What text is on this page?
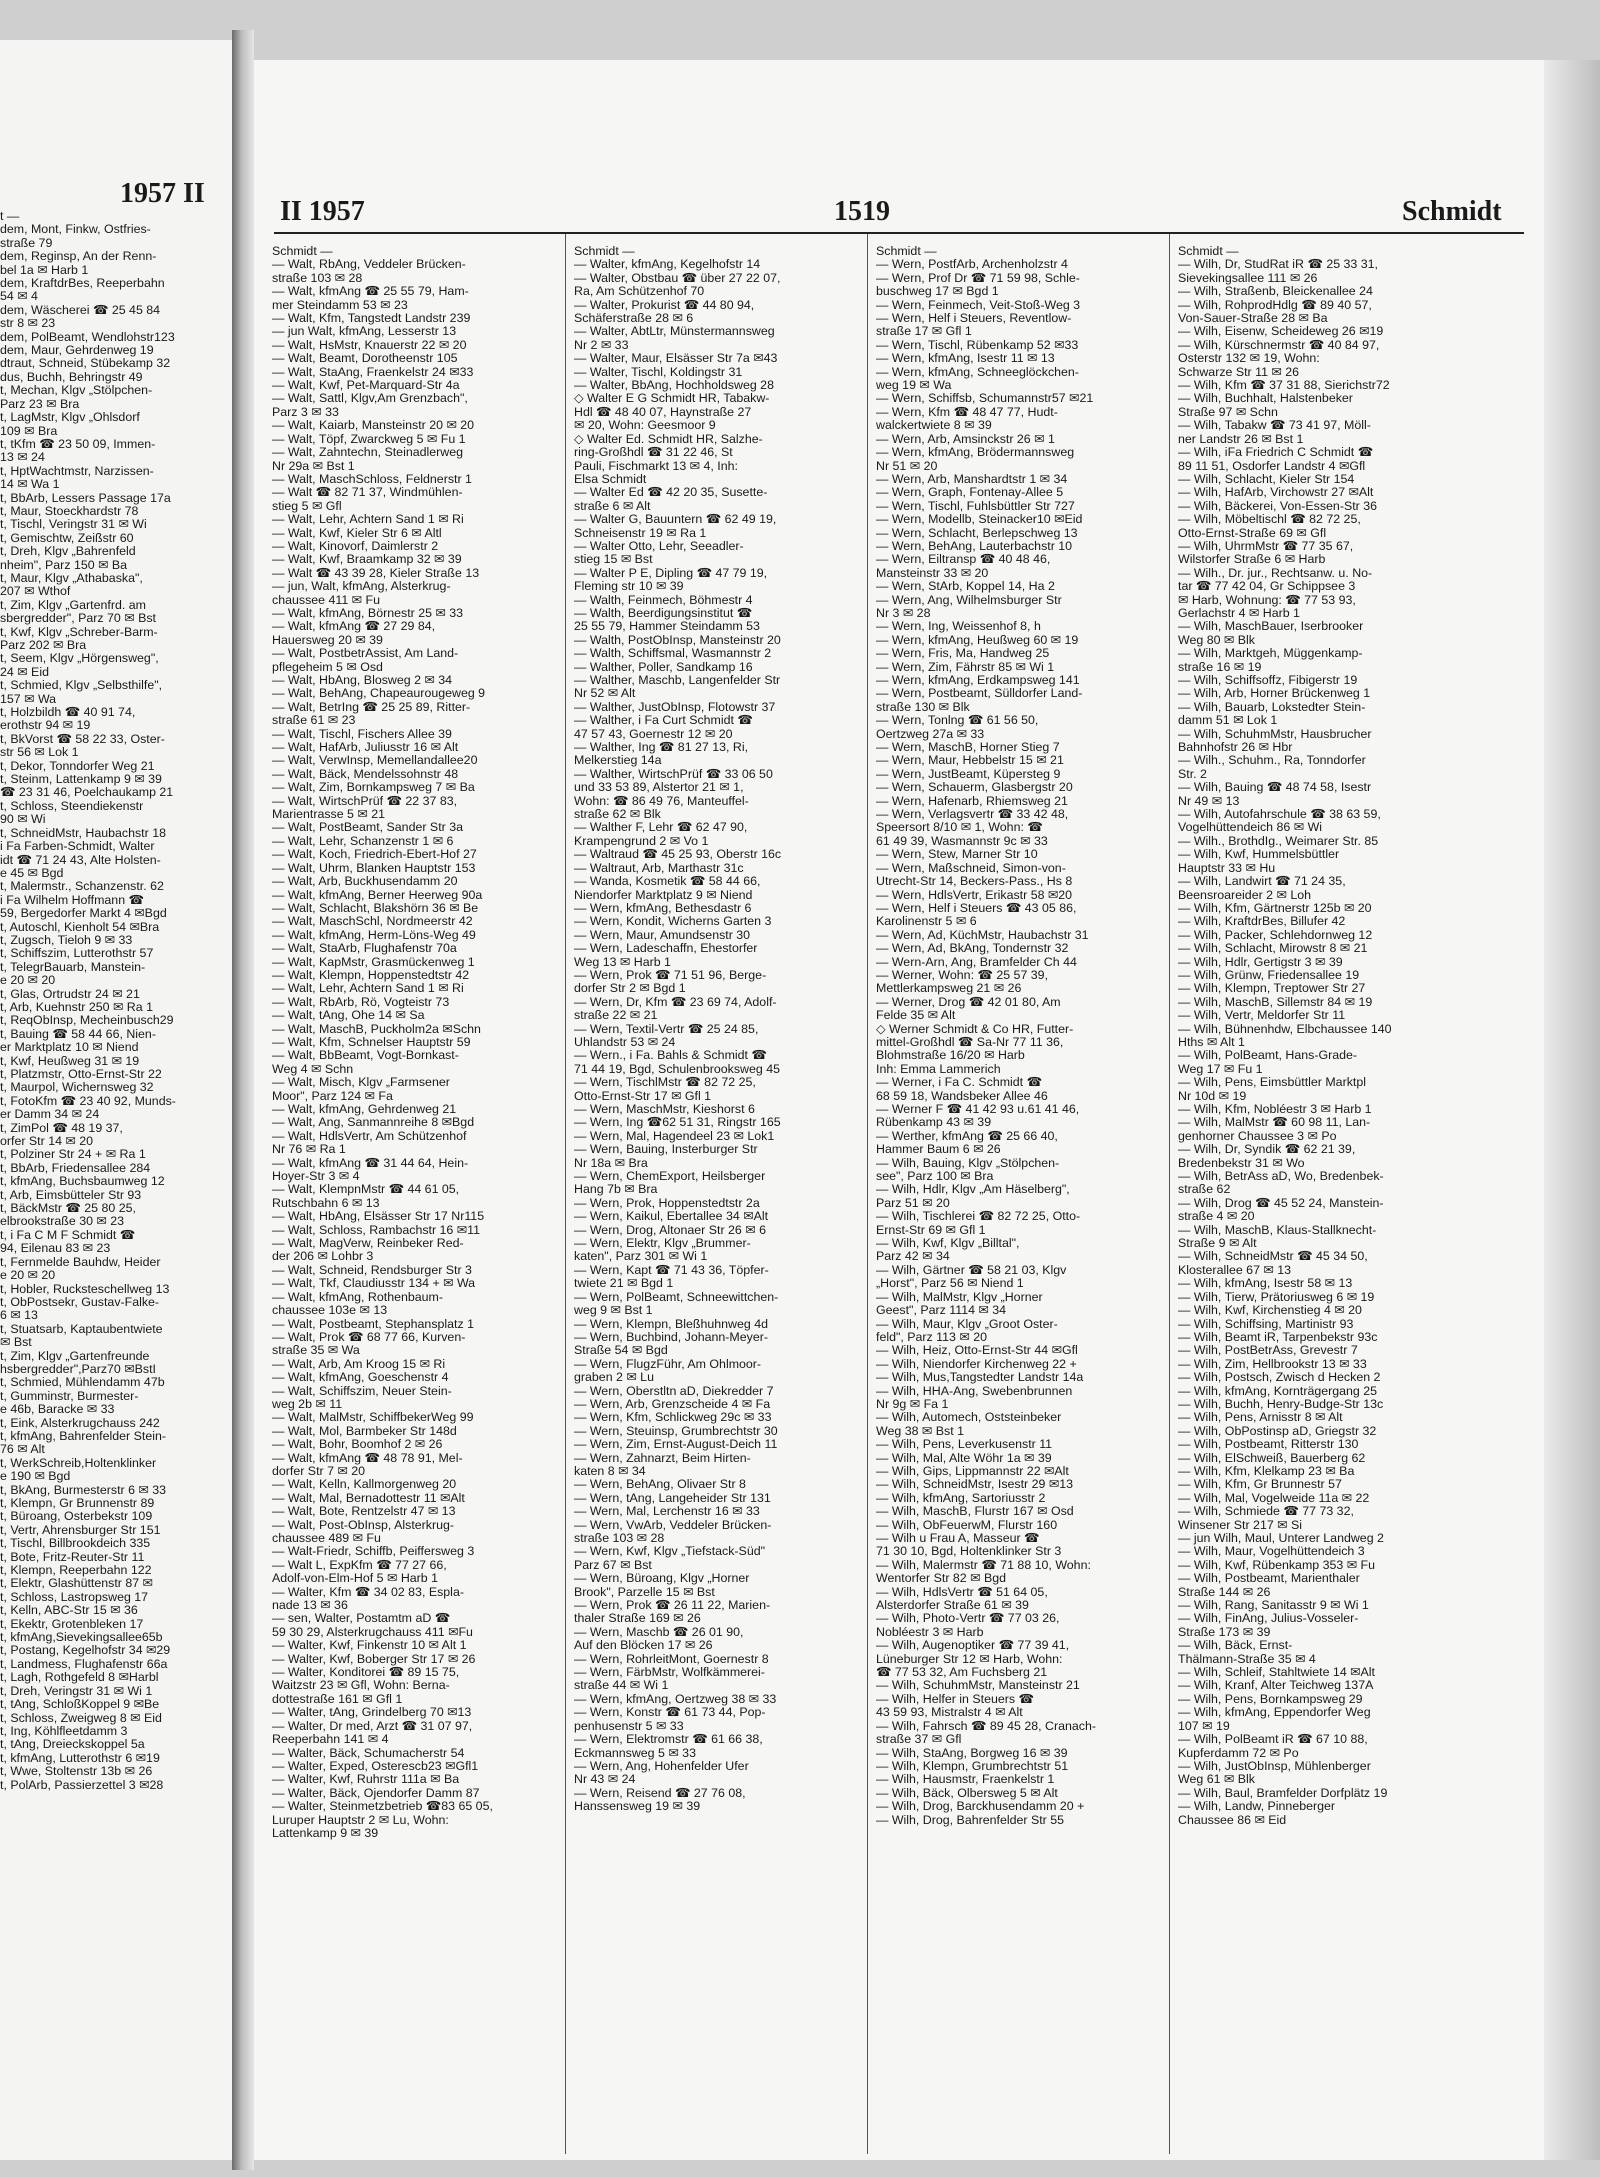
1957 II
t —
dem, Mont, Finkw, Ostfries-
straße 79
dem, Reginsp, An der Renn-
bel 1a ✉ Harb 1
dem, KraftdrBes, Reeperbahn
54 ✉ 4
dem, Wäscherei ☎ 25 45 84
str 8 ✉ 23
dem, PolBeamt, Wendlohstr123
dem, Maur, Gehrdenweg 19
dtraut, Schneid, Stübekamp 32
dus, Buchh, Behringstr 49
t, Mechan, Klgv „Stölpchen-
Parz 23 ✉ Bra
t, LagMstr, Klgv „Ohlsdorf
109 ✉ Bra
t, tKfm ☎ 23 50 09, Immen-
13 ✉ 24
t, HptWachtmstr, Narzissen-
14 ✉ Wa 1
t, BbArb, Lessers Passage 17a
t, Maur, Stoeckhardstr 78
t, Tischl, Veringstr 31 ✉ Wi
t, Gemischtw, Zeißstr 60
t, Dreh, Klgv „Bahrenfeld
nheim", Parz 150 ✉ Ba
t, Maur, Klgv „Athabaska",
207 ✉ Wthof
t, Zim, Klgv „Gartenfrd. am
sbergredder", Parz 70 ✉ Bst
t, Kwf, Klgv „Schreber-Barm-
Parz 202 ✉ Bra
t, Seem, Klgv „Hörgensweg",
24 ✉ Eid
t, Schmied, Klgv „Selbsthilfe",
157 ✉ Wa
t, Holzbildh ☎ 40 91 74,
erothstr 94 ✉ 19
t, BkVorst ☎ 58 22 33, Oster-
str 56 ✉ Lok 1
t, Dekor, Tonndorfer Weg 21
t, Steinm, Lattenkamp 9 ✉ 39
☎ 23 31 46, Poelchaukamp 21
t, Schloss, Steendiekenstr
90 ✉ Wi
t, SchneidMstr, Haubachstr 18
i Fa Farben-Schmidt, Walter
idt ☎ 71 24 43, Alte Holsten-
e 45 ✉ Bgd
t, Malermstr., Schanzenstr. 62
i Fa Wilhelm Hoffmann ☎
59, Bergedorfer Markt 4 ✉Bgd
t, Autoschl, Kienholt 54 ✉Bra
t, Zugsch, Tieloh 9 ✉ 33
t, Schiffszim, Lutterothstr 57
t, TelegrBauarb, Manstein-
e 20 ✉ 20
t, Glas, Ortrudstr 24 ✉ 21
t, Arb, Kuehnstr 250 ✉ Ra 1
t, ReqObInsp, Mecheinbusch29
t, Bauing ☎ 58 44 66, Nien-
er Marktplatz 10 ✉ Niend
t, Kwf, Heußweg 31 ✉ 19
t, Platzmstr, Otto-Ernst-Str 22
t, Maurpol, Wichernsweg 32
t, FotoKfm ☎ 23 40 92, Munds-
er Damm 34 ✉ 24
t, ZimPol ☎ 48 19 37,
orfer Str 14 ✉ 20
t, Polziner Str 24 + ✉ Ra 1
t, BbArb, Friedensallee 284
t, kfmAng, Buchsbaumweg 12
t, Arb, Eimsbütteler Str 93
t, BäckMstr ☎ 25 80 25,
elbrookstraße 30 ✉ 23
t, i Fa C M F Schmidt ☎
94, Eilenau 83 ✉ 23
t, Fernmelde Bauhdw, Heider
e 20 ✉ 20
t, Hobler, Rucksteschellweg 13
t, ObPostsekr, Gustav-Falke-
6 ✉ 13
t, Stuatsarb, Kaptaubentwiete
✉ Bst
t, Zim, Klgv „Gartenfreunde
hsbergredder",Parz70 ✉BstI
t, Schmied, Mühlendamm 47b
t, Gumminstr, Burmester-
e 46b, Baracke ✉ 33
t, Eink, Alsterkrugchauss 242
t, kfmAng, Bahrenfelder Stein-
76 ✉ Alt
t, WerkSchreib,Holtenklinker
e 190 ✉ Bgd
t, BkAng, Burmesterstr 6 ✉ 33
t, Klempn, Gr Brunnenstr 89
t, Büroang, Osterbekstr 109
t, Vertr, Ahrensburger Str 151
t, Tischl, Billbrookdeich 335
t, Bote, Fritz-Reuter-Str 11
t, Klempn, Reeperbahn 122
t, Elektr, Glashüttenstr 87 ✉
t, Schloss, Lastropsweg 17
t, Kelln, ABC-Str 15 ✉ 36
t, Ekektr, Grotenbleken 17
t, kfmAng,Sievekingsallee65b
t, Postang, Kegelhofstr 34 ✉29
t, Landmess, Flughafenstr 66a
t, Lagh, Rothgefeld 8 ✉Harbl
t, Dreh, Veringstr 31 ✉ Wi 1
t, tAng, SchloßKoppel 9 ✉Be
t, Schloss, Zweigweg 8 ✉ Eid
t, Ing, Köhlfleetdamm 3
t, tAng, Dreieckskoppel 5a
t, kfmAng, Lutterothstr 6 ✉19
t, Wwe, Stoltenstr 13b ✉ 26
t, PolArb, Passierzettel 3 ✉28
II 1957	1519	Schmidt
Schmidt —
— Walt, RbAng, Veddeler Brücken-
straße 103 ✉ 28
— Walt, kfmAng ☎ 25 55 79, Ham-
mer Steindamm 53 ✉ 23
— Walt, Kfm, Tangstedt Landstr 239
— jun Walt, kfmAng, Lesserstr 13
— Walt, HsMstr, Knauerstr 22 ✉ 20
— Walt, Beamt, Dorotheenstr 105
— Walt, StaAng, Fraenkelstr 24 ✉33
— Walt, Kwf, Pet-Marquard-Str 4a
— Walt, Sattl, Klgv,Am Grenzbach",
Parz 3 ✉ 33
— Walt, Kaiarb, Mansteinstr 20 ✉ 20
— Walt, Töpf, Zwarckweg 5 ✉ Fu 1
— Walt, Zahntechn, Steinadlerweg
Nr 29a ✉ Bst 1
— Walt, MaschSchloss, Feldnerstr 1
— Walt ☎ 82 71 37, Windmühlen-
stieg 5 ✉ Gfl
— Walt, Lehr, Achtern Sand 1 ✉ Ri
— Walt, Kwf, Kieler Str 6 ✉ Altl
— Walt, Kinovorf, Daimlerstr 2
— Walt, Kwf, Braamkamp 32 ✉ 39
— Walt ☎ 43 39 28, Kieler Straße 13
— jun, Walt, kfmAng, Alsterkrug-
chaussee 411 ✉ Fu
— Walt, kfmAng, Börnestr 25 ✉ 33
— Walt, kfmAng ☎ 27 29 84,
Hauersweg 20 ✉ 39
— Walt, PostbetrAssist, Am Land-
pflegeheim 5 ✉ Osd
— Walt, HbAng, Blosweg 2 ✉ 34
— Walt, BehAng, Chapeaurougeweg 9
— Walt, BetrIng ☎ 25 25 89, Ritter-
straße 61 ✉ 23
— Walt, Tischl, Fischers Allee 39
— Walt, HafArb, Juliusstr 16 ✉ Alt
— Walt, VerwInsp, Memellandallee20
— Walt, Bäck, Mendelssohnstr 48
— Walt, Zim, Bornkampsweg 7 ✉ Ba
— Walt, WirtschPrüf ☎ 22 37 83,
Marientrasse 5 ✉ 21
— Walt, PostBeamt, Sander Str 3a
— Walt, Lehr, Schanzenstr 1 ✉ 6
— Walt, Koch, Friedrich-Ebert-Hof 27
— Walt, Uhrm, Blanken Hauptstr 153
— Walt, Arb, Buckhusendamm 20
— Walt, kfmAng, Berner Heerweg 90a
— Walt, Schlacht, Blakshörn 36 ✉ Be
— Walt, MaschSchl, Nordmeerstr 42
— Walt, kfmAng, Herm-Löns-Weg 49
— Walt, StaArb, Flughafenstr 70a
— Walt, KapMstr, Grasmückenweg 1
— Walt, Klempn, Hoppenstedtstr 42
— Walt, Lehr, Achtern Sand 1 ✉ Ri
— Walt, RbArb, Rö, Vogteistr 73
— Walt, tAng, Ohe 14 ✉ Sa
— Walt, MaschB, Puckholm2a ✉Schn
— Walt, Kfm, Schnelser Hauptstr 59
— Walt, BbBeamt, Vogt-Bornkast-
Weg 4 ✉ Schn
— Walt, Misch, Klgv „Farmsener
Moor", Parz 124 ✉ Fa
— Walt, kfmAng, Gehrdenweg 21
— Walt, Ang, Sanmannreihe 8 ✉Bgd
— Walt, HdlsVertr, Am Schützenhof
Nr 76 ✉ Ra 1
— Walt, kfmAng ☎ 31 44 64, Hein-
Hoyer-Str 3 ✉ 4
— Walt, KlempnMstr ☎ 44 61 05,
Rutschbahn 6 ✉ 13
— Walt, HbAng, Elsässer Str 17 Nr115
— Walt, Schloss, Rambachstr 16 ✉11
— Walt, MagVerw, Reinbeker Red-
der 206 ✉ Lohbr 3
— Walt, Schneid, Rendsburger Str 3
— Walt, Tkf, Claudiusstr 134 + ✉ Wa
— Walt, kfmAng, Rothenbaum-
chaussee 103e ✉ 13
— Walt, Postbeamt, Stephansplatz 1
— Walt, Prok ☎ 68 77 66, Kurven-
straße 35 ✉ Wa
— Walt, Arb, Am Kroog 15 ✉ Ri
— Walt, kfmAng, Goeschenstr 4
— Walt, Schiffszim, Neuer Stein-
weg 2b ✉ 11
— Walt, MalMstr, SchiffbekerWeg 99
— Walt, Mol, Barmbeker Str 148d
— Walt, Bohr, Boomhof 2 ✉ 26
— Walt, kfmAng ☎ 48 78 91, Mel-
dorfer Str 7 ✉ 20
— Walt, Kelln, Kallmorgenweg 20
— Walt, Mal, Bernadottestr 11 ✉Alt
— Walt, Bote, Rentzelstr 47 ✉ 13
— Walt, Post-ObInsp, Alsterkrug-
chaussee 489 ✉ Fu
— Walt-Friedr, Schiffb, Peiffersweg 3
— Walt L, ExpKfm ☎ 77 27 66,
Adolf-von-Elm-Hof 5 ✉ Harb 1
— Walter, Kfm ☎ 34 02 83, Espla-
nade 13 ✉ 36
— sen, Walter, Postamtm aD ☎
59 30 29, Alsterkrugchauss 411 ✉Fu
— Walter, Kwf, Finkenstr 10 ✉ Alt 1
— Walter, Kwf, Boberger Str 17 ✉ 26
— Walter, Konditorei ☎ 89 15 75,
Waitzstr 23 ✉ Gfl, Wohn: Berna-
dottestraße 161 ✉ Gfl 1
— Walter, tAng, Grindelberg 70 ✉13
— Walter, Dr med, Arzt ☎ 31 07 97,
Reeperbahn 141 ✉ 4
— Walter, Bäck, Schumacherstr 54
— Walter, Exped, Osterescb23 ✉Gfl1
— Walter, Kwf, Ruhrstr 111a ✉ Ba
— Walter, Bäck, Ojendorfer Damm 87
— Walter, Steinmetzbetrieb ☎83 65 05,
Luruper Hauptstr 2 ✉ Lu, Wohn:
Lattenkamp 9 ✉ 39
Schmidt —
— Walter, kfmAng, Kegelhofstr 14
— Walter, Obstbau ☎ über 27 22 07,
Ra, Am Schützenhof 70
— Walter, Prokurist ☎ 44 80 94,
Schäferstraße 28 ✉ 6
— Walter, AbtLtr, Münstermannsweg
Nr 2 ✉ 33
— Walter, Maur, Elsässer Str 7a ✉43
— Walter, Tischl, Koldingstr 31
— Walter, BbAng, Hochholdsweg 28
◇ Walter E G Schmidt HR, Tabakw-
Hdl ☎ 48 40 07, Haynstraße 27
✉ 20, Wohn: Geesmoor 9
◇ Walter Ed. Schmidt HR, Salzhe-
ring-Großhdl ☎ 31 22 46, St
Pauli, Fischmarkt 13 ✉ 4, Inh:
Elsa Schmidt
— Walter Ed ☎ 42 20 35, Susette-
straße 6 ✉ Alt
— Walter G, Bauuntern ☎ 62 49 19,
Schneisenstr 19 ✉ Ra 1
— Walter Otto, Lehr, Seeadler-
stieg 15 ✉ Bst
— Walter P E, Dipling ☎ 47 79 19,
Fleming str 10 ✉ 39
— Walth, Feinmech, Böhmestr 4
— Walth, Beerdigungsinstitut ☎
25 55 79, Hammer Steindamm 53
— Walth, PostObInsp, Mansteinstr 20
— Walth, Schiffsmal, Wasmannstr 2
— Walther, Poller, Sandkamp 16
— Walther, Maschb, Langenfelder Str
Nr 52 ✉ Alt
— Walther, JustObInsp, Flotowstr 37
— Walther, i Fa Curt Schmidt ☎
47 57 43, Goernestr 12 ✉ 20
— Walther, Ing ☎ 81 27 13, Ri,
Melkerstieg 14a
— Walther, WirtschPrüf ☎ 33 06 50
und 33 53 89, Alstertor 21 ✉ 1,
Wohn: ☎ 86 49 76, Manteuffel-
straße 62 ✉ Blk
— Walther F, Lehr ☎ 62 47 90,
Krampengrund 2 ✉ Vo 1
— Waltraud ☎ 45 25 93, Oberstr 16c
— Waltraut, Arb, Marthastr 31c
— Wanda, Kosmetik ☎ 58 44 66,
Niendorfer Marktplatz 9 ✉ Niend
— Wern, kfmAng, Bethesdastr 6
— Wern, Kondit, Wicherns Garten 3
— Wern, Maur, Amundsenstr 30
— Wern, Ladeschaffn, Ehestorfer
Weg 13 ✉ Harb 1
— Wern, Prok ☎ 71 51 96, Berge-
dorfer Str 2 ✉ Bgd 1
— Wern, Dr, Kfm ☎ 23 69 74, Adolf-
straße 22 ✉ 21
— Wern, Textil-Vertr ☎ 25 24 85,
Uhlandstr 53 ✉ 24
— Wern., i Fa. Bahls & Schmidt ☎
71 44 19, Bgd, Schulenbrooksweg 45
— Wern, TischlMstr ☎ 82 72 25,
Otto-Ernst-Str 17 ✉ Gfl 1
— Wern, MaschMstr, Kieshorst 6
— Wern, Ing ☎62 51 31, Ringstr 165
— Wern, Mal, Hagendeel 23 ✉ Lok1
— Wern, Bauing, Insterburger Str
Nr 18a ✉ Bra
— Wern, ChemExport, Heilsberger
Hang 7b ✉ Bra
— Wern, Prok, Hoppenstedtstr 2a
— Wern, Kaikul, Ebertallee 34 ✉Alt
— Wern, Drog, Altonaer Str 26 ✉ 6
— Wern, Elektr, Klgv „Brummer-
katen", Parz 301 ✉ Wi 1
— Wern, Kapt ☎ 71 43 36, Töpfer-
twiete 21 ✉ Bgd 1
— Wern, PolBeamt, Schneewittchen-
weg 9 ✉ Bst 1
— Wern, Klempn, Bleßhuhnweg 4d
— Wern, Buchbind, Johann-Meyer-
Straße 54 ✉ Bgd
— Wern, FlugzFühr, Am Ohlmoor-
graben 2 ✉ Lu
— Wern, Oberstltn aD, Diekredder 7
— Wern, Arb, Grenzscheide 4 ✉ Fa
— Wern, Kfm, Schlickweg 29c ✉ 33
— Wern, Steuinsp, Grumbrechtstr 30
— Wern, Zim, Ernst-August-Deich 11
— Wern, Zahnarzt, Beim Hirten-
katen 8 ✉ 34
— Wern, BehAng, Olivaer Str 8
— Wern, tAng, Langeheider Str 131
— Wern, Mal, Lerchenstr 16 ✉ 33
— Wern, VwArb, Veddeler Brücken-
straße 103 ✉ 28
— Wern, Kwf, Klgv „Tiefstack-Süd"
Parz 67 ✉ Bst
— Wern, Büroang, Klgv „Horner
Brook", Parzelle 15 ✉ Bst
— Wern, Prok ☎ 26 11 22, Marien-
thaler Straße 169 ✉ 26
— Wern, Maschb ☎ 26 01 90,
Auf den Blöcken 17 ✉ 26
— Wern, RohrleitMont, Goernestr 8
— Wern, FärbMstr, Wolfkämmerei-
straße 44 ✉ Wi 1
— Wern, kfmAng, Oertzweg 38 ✉ 33
— Wern, Konstr ☎ 61 73 44, Pop-
penhusenstr 5 ✉ 33
— Wern, Elektromstr ☎ 61 66 38,
Eckmannsweg 5 ✉ 33
— Wern, Ang, Hohenfelder Ufer
Nr 43 ✉ 24
— Wern, Reisend ☎ 27 76 08,
Hanssensweg 19 ✉ 39
Schmidt —
— Wern, PostfArb, Archenholzstr 4
— Wern, Prof Dr ☎ 71 59 98, Schle-
buschweg 17 ✉ Bgd 1
— Wern, Feinmech, Veit-Stoß-Weg 3
— Wern, Helf i Steuers, Reventlow-
straße 17 ✉ Gfl 1
— Wern, Tischl, Rübenkamp 52 ✉33
— Wern, kfmAng, Isestr 11 ✉ 13
— Wern, kfmAng, Schneeglöckchen-
weg 19 ✉ Wa
— Wern, Schiffsb, Schumannstr57 ✉21
— Wern, Kfm ☎ 48 47 77, Hudt-
walckertwiete 8 ✉ 39
— Wern, Arb, Amsinckstr 26 ✉ 1
— Wern, kfmAng, Brödermannsweg
Nr 51 ✉ 20
— Wern, Arb, Manshardtstr 1 ✉ 34
— Wern, Graph, Fontenay-Allee 5
— Wern, Tischl, Fuhlsbüttler Str 727
— Wern, Modellb, Steinacker10 ✉Eid
— Wern, Schlacht, Berlepschweg 13
— Wern, BehAng, Lauterbachstr 10
— Wern, Eiltransp ☎ 40 48 46,
Mansteinstr 33 ✉ 20
— Wern, StArb, Koppel 14, Ha 2
— Wern, Ang, Wilhelmsburger Str
Nr 3 ✉ 28
— Wern, Ing, Weissenhof 8, h
— Wern, kfmAng, Heußweg 60 ✉ 19
— Wern, Fris, Ma, Handweg 25
— Wern, Zim, Fährstr 85 ✉ Wi 1
— Wern, kfmAng, Erdkampsweg 141
— Wern, Postbeamt, Sülldorfer Land-
straße 130 ✉ Blk
— Wern, Tonlng ☎ 61 56 50,
Oertzweg 27a ✉ 33
— Wern, MaschB, Horner Stieg 7
— Wern, Maur, Hebbelstr 15 ✉ 21
— Wern, JustBeamt, Küpersteg 9
— Wern, Schauerm, Glasbergstr 20
— Wern, Hafenarb, Rhiemsweg 21
— Wern, Verlagsvertr ☎ 33 42 48,
Speersort 8/10 ✉ 1, Wohn: ☎
61 49 39, Wasmannstr 9c ✉ 33
— Wern, Stew, Marner Str 10
— Wern, Maßschneid, Simon-von-
Utrecht-Str 14, Beckers-Pass., Hs 8
— Wern, HdlsVertr, Erikastr 58 ✉20
— Wern, Helf i Steuers ☎ 43 05 86,
Karolinenstr 5 ✉ 6
— Wern, Ad, KüchMstr, Haubachstr 31
— Wern, Ad, BkAng, Tondernstr 32
— Wern-Arn, Ang, Bramfelder Ch 44
— Werner, Wohn: ☎ 25 57 39,
Mettlerkampsweg 21 ✉ 26
— Werner, Drog ☎ 42 01 80, Am
Felde 35 ✉ Alt
◇ Werner Schmidt & Co HR, Futter-
mittel-Großhdl ☎ Sa-Nr 77 11 36,
Blohmstraße 16/20 ✉ Harb
Inh: Emma Lammerich
— Werner, i Fa C. Schmidt ☎
68 59 18, Wandsbeker Allee 46
— Werner F ☎ 41 42 93 u.61 41 46,
Rübenkamp 43 ✉ 39
— Werther, kfmAng ☎ 25 66 40,
Hammer Baum 6 ✉ 26
— Wilh, Bauing, Klgv „Stölpchen-
see", Parz 100 ✉ Bra
— Wilh, Hdlr, Klgv „Am Häselberg",
Parz 51 ✉ 20
— Wilh, Tischlerei ☎ 82 72 25, Otto-
Ernst-Str 69 ✉ Gfl 1
— Wilh, Kwf, Klgv „Billtal",
Parz 42 ✉ 34
— Wilh, Gärtner ☎ 58 21 03, Klgv
„Horst", Parz 56 ✉ Niend 1
— Wilh, MalMstr, Klgv „Horner
Geest", Parz 1114 ✉ 34
— Wilh, Maur, Klgv „Groot Oster-
feld", Parz 113 ✉ 20
— Wilh, Heiz, Otto-Ernst-Str 44 ✉Gfl
— Wilh, Niendorfer Kirchenweg 22 +
— Wilh, Mus,Tangstedter Landstr 14a
— Wilh, HHA-Ang, Swebenbrunnen
Nr 9g ✉ Fa 1
— Wilh, Automech, Oststeinbeker
Weg 38 ✉ Bst 1
— Wilh, Pens, Leverkusenstr 11
— Wilh, Mal, Alte Wöhr 1a ✉ 39
— Wilh, Gips, Lippmannstr 22 ✉Alt
— Wilh, SchneidMstr, Isestr 29 ✉13
— Wilh, kfmAng, Sartoriusstr 2
— Wilh, MaschB, Flurstr 167 ✉ Osd
— Wilh, ObFeuerwM, Flurstr 160
— Wilh u Frau A, Masseur ☎
71 30 10, Bgd, Holtenklinker Str 3
— Wilh, Malermstr ☎ 71 88 10, Wohn:
Wentorfer Str 82 ✉ Bgd
— Wilh, HdlsVertr ☎ 51 64 05,
Alsterdorfer Straße 61 ✉ 39
— Wilh, Photo-Vertr ☎ 77 03 26,
Nobléestr 3 ✉ Harb
— Wilh, Augenoptiker ☎ 77 39 41,
Lüneburger Str 12 ✉ Harb, Wohn:
☎ 77 53 32, Am Fuchsberg 21
— Wilh, SchuhmMstr, Mansteinstr 21
— Wilh, Helfer in Steuers ☎
43 59 93, Mistralstr 4 ✉ Alt
— Wilh, Fahrsch ☎ 89 45 28, Cranach-
straße 37 ✉ Gfl
— Wilh, StaAng, Borgweg 16 ✉ 39
— Wilh, Klempn, Grumbrechtstr 51
— Wilh, Hausmstr, Fraenkelstr 1
— Wilh, Bäck, Olbersweg 5 ✉ Alt
— Wilh, Drog, Barckhusendamm 20 +
— Wilh, Drog, Bahrenfelder Str 55
Schmidt —
— Wilh, Dr, StudRat iR ☎ 25 33 31,
Sievekingsallee 111 ✉ 26
— Wilh, Straßenb, Bleickenallee 24
— Wilh, RohprodHdlg ☎ 89 40 57,
Von-Sauer-Straße 28 ✉ Ba
— Wilh, Eisenw, Scheideweg 26 ✉19
— Wilh, Kürschnermstr ☎ 40 84 97,
Osterstr 132 ✉ 19, Wohn:
Schwarze Str 11 ✉ 26
— Wilh, Kfm ☎ 37 31 88, Sierichstr72
— Wilh, Buchhalt, Halstenbeker
Straße 97 ✉ Schn
— Wilh, Tabakw ☎ 73 41 97, Möll-
ner Landstr 26 ✉ Bst 1
— Wilh, iFa Friedrich C Schmidt ☎
89 11 51, Osdorfer Landstr 4 ✉Gfl
— Wilh, Schlacht, Kieler Str 154
— Wilh, HafArb, Virchowstr 27 ✉Alt
— Wilh, Bäckerei, Von-Essen-Str 36
— Wilh, Möbeltischl ☎ 82 72 25,
Otto-Ernst-Straße 69 ✉ Gfl
— Wilh, UhrmMstr ☎ 77 35 67,
Wilstorfer Straße 6 ✉ Harb
— Wilh., Dr. jur., Rechtsanw. u. No-
tar ☎ 77 42 04, Gr Schippsee 3
✉ Harb, Wohnung: ☎ 77 53 93,
Gerlachstr 4 ✉ Harb 1
— Wilh, MaschBauer, Iserbrooker
Weg 80 ✉ Blk
— Wilh, Marktgeh, Müggenkamp-
straße 16 ✉ 19
— Wilh, Schiffsoffz, Fibigerstr 19
— Wilh, Arb, Horner Brückenweg 1
— Wilh, Bauarb, Lokstedter Stein-
damm 51 ✉ Lok 1
— Wilh, SchuhmMstr, Hausbrucher
Bahnhofstr 26 ✉ Hbr
— Wilh., Schuhm., Ra, Tonndorfer
Str. 2
— Wilh, Bauing ☎ 48 74 58, Isestr
Nr 49 ✉ 13
— Wilh, Autofahrschule ☎ 38 63 59,
Vogelhüttendeich 86 ✉ Wi
— Wilh., BrothdIg., Weimarer Str. 85
— Wilh, Kwf, Hummelsbüttler
Hauptstr 33 ✉ Hu
— Wilh, Landwirt ☎ 71 24 35,
Beensroareider 2 ✉ Loh
— Wilh, Kfm, Gärtnerstr 125b ✉ 20
— Wilh, KraftdrBes, Billufer 42
— Wilh, Packer, Schlehdornweg 12
— Wilh, Schlacht, Mirowstr 8 ✉ 21
— Wilh, Hdlr, Gertigstr 3 ✉ 39
— Wilh, Grünw, Friedensallee 19
— Wilh, Klempn, Treptower Str 27
— Wilh, MaschB, Sillemstr 84 ✉ 19
— Wilh, Vertr, Meldorfer Str 11
— Wilh, Bühnenhdw, Elbchaussee 140
Hths ✉ Alt 1
— Wilh, PolBeamt, Hans-Grade-
Weg 17 ✉ Fu 1
— Wilh, Pens, Eimsbüttler Marktpl
Nr 10d ✉ 19
— Wilh, Kfm, Nobléestr 3 ✉ Harb 1
— Wilh, MalMstr ☎ 60 98 11, Lan-
genhorner Chaussee 3 ✉ Po
— Wilh, Dr, Syndik ☎ 62 21 39,
Bredenbekstr 31 ✉ Wo
— Wilh, BetrAss aD, Wo, Bredenbek-
straße 62
— Wilh, Drog ☎ 45 52 24, Manstein-
straße 4 ✉ 20
— Wilh, MaschB, Klaus-Stallknecht-
Straße 9 ✉ Alt
— Wilh, SchneidMstr ☎ 45 34 50,
Klosterallee 67 ✉ 13
— Wilh, kfmAng, Isestr 58 ✉ 13
— Wilh, Tierw, Prätoriusweg 6 ✉ 19
— Wilh, Kwf, Kirchenstieg 4 ✉ 20
— Wilh, Schiffsing, Martinistr 93
— Wilh, Beamt iR, Tarpenbekstr 93c
— Wilh, PostBetrAss, Grevestr 7
— Wilh, Zim, Hellbrookstr 13 ✉ 33
— Wilh, Postsch, Zwisch d Hecken 2
— Wilh, kfmAng, Kornträgergang 25
— Wilh, Buchh, Henry-Budge-Str 13c
— Wilh, Pens, Arnisstr 8 ✉ Alt
— Wilh, ObPostinsp aD, Griegstr 32
— Wilh, Postbeamt, Ritterstr 130
— Wilh, ElSchweiß, Bauerberg 62
— Wilh, Kfm, Klelkamp 23 ✉ Ba
— Wilh, Kfm, Gr Brunnestr 57
— Wilh, Mal, Vogelweide 11a ✉ 22
— Wilh, Schmiede ☎ 77 73 32,
Winsener Str 217 ✉ Si
— jun Wilh, Maul, Unterer Landweg 2
— Wilh, Maur, Vogelhüttendeich 3
— Wilh, Kwf, Rübenkamp 353 ✉ Fu
— Wilh, Postbeamt, Marienthaler
Straße 144 ✉ 26
— Wilh, Rang, Sanitasstr 9 ✉ Wi 1
— Wilh, FinAng, Julius-Vosseler-
Straße 173 ✉ 39
— Wilh, Bäck, Ernst-
Thälmann-Straße 35 ✉ 4
— Wilh, Schleif, Stahltwiete 14 ✉Alt
— Wilh, Kranf, Alter Teichweg 137A
— Wilh, Pens, Bornkampsweg 29
— Wilh, kfmAng, Eppendorfer Weg
107 ✉ 19
— Wilh, PolBeamt iR ☎ 67 10 88,
Kupferdamm 72 ✉ Po
— Wilh, JustObInsp, Mühlenberger
Weg 61 ✉ Blk
— Wilh, Baul, Bramfelder Dorfplätz 19
— Wilh, Landw, Pinneberger
Chaussee 86 ✉ Eid
